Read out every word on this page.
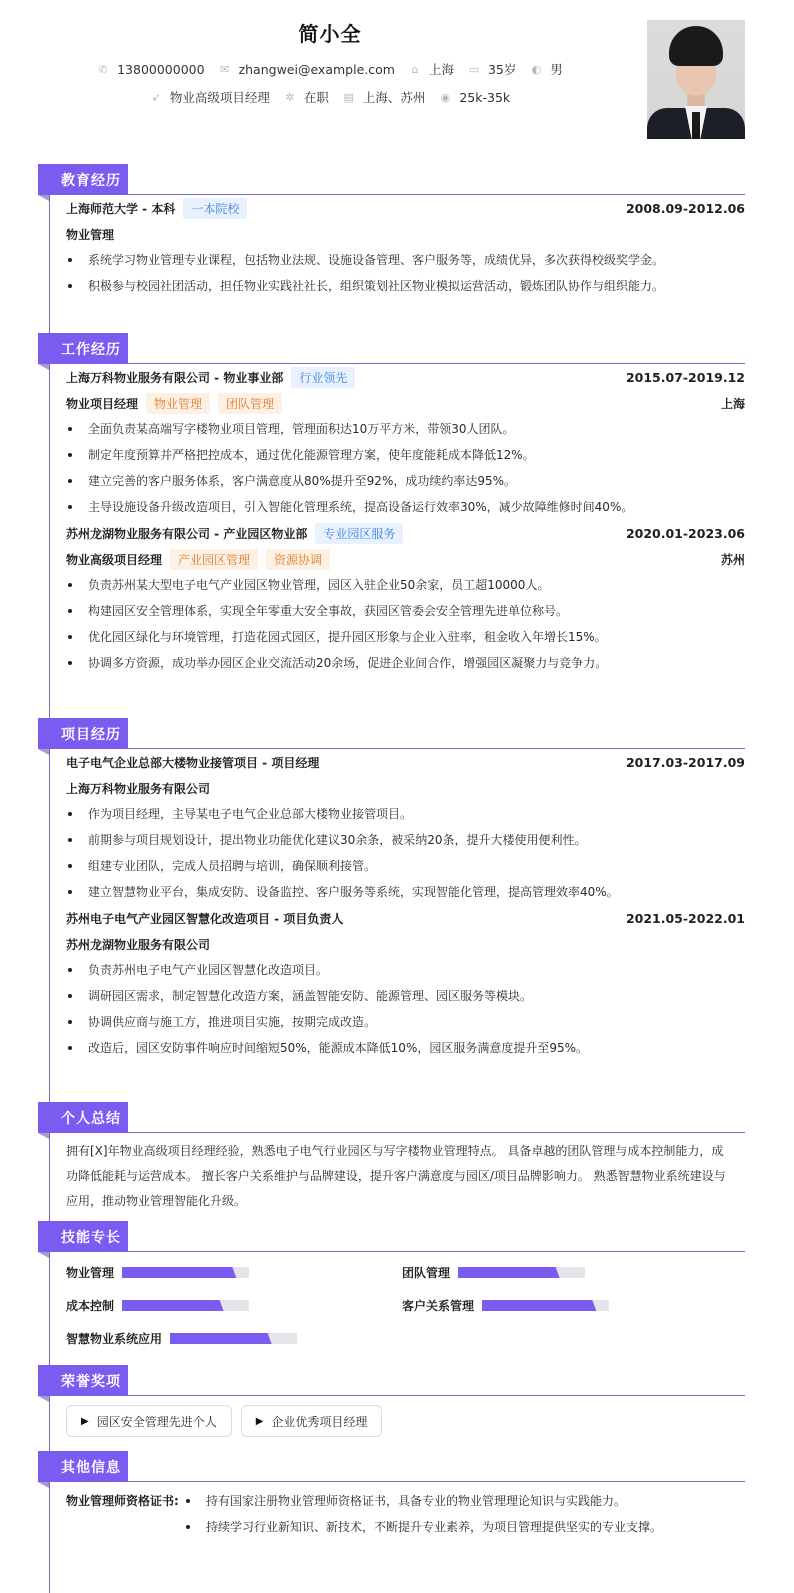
简小全
✆ 13800000000 ✉ zhangwei@example.com ⌂ 上海 ▭ 35岁 ◐ 男
➶ 物业高级项目经理 ✲ 在职 ▤ 上海、苏州 ◉ 25k-35k
教育经历
上海师范大学 - 本科	一本院校	2008.09-2012.06
物业管理
系统学习物业管理专业课程，包括物业法规、设施设备管理、客户服务等，成绩优异，多次获得校级奖学金。
积极参与校园社团活动，担任物业实践社社长，组织策划社区物业模拟运营活动，锻炼团队协作与组织能力。
工作经历
上海万科物业服务有限公司 - 物业事业部	行业领先	2015.07-2019.12
物业项目经理	物业管理	团队管理	上海
全面负责某高端写字楼物业项目管理，管理面积达10万平方米，带领30人团队。
制定年度预算并严格把控成本，通过优化能源管理方案，使年度能耗成本降低12%。
建立完善的客户服务体系，客户满意度从80%提升至92%，成功续约率达95%。
主导设施设备升级改造项目，引入智能化管理系统，提高设备运行效率30%，减少故障维修时间40%。
苏州龙湖物业服务有限公司 - 产业园区物业部	专业园区服务	2020.01-2023.06
物业高级项目经理	产业园区管理	资源协调	苏州
负责苏州某大型电子电气产业园区物业管理，园区入驻企业50余家，员工超10000人。
构建园区安全管理体系，实现全年零重大安全事故，获园区管委会安全管理先进单位称号。
优化园区绿化与环境管理，打造花园式园区，提升园区形象与企业入驻率，租金收入年增长15%。
协调多方资源，成功举办园区企业交流活动20余场，促进企业间合作，增强园区凝聚力与竞争力。
项目经历
电子电气企业总部大楼物业接管项目 - 项目经理	2017.03-2017.09
上海万科物业服务有限公司
作为项目经理，主导某电子电气企业总部大楼物业接管项目。
前期参与项目规划设计，提出物业功能优化建议30余条，被采纳20条，提升大楼使用便利性。
组建专业团队，完成人员招聘与培训，确保顺利接管。
建立智慧物业平台，集成安防、设备监控、客户服务等系统，实现智能化管理，提高管理效率40%。
苏州电子电气产业园区智慧化改造项目 - 项目负责人	2021.05-2022.01
苏州龙湖物业服务有限公司
负责苏州电子电气产业园区智慧化改造项目。
调研园区需求，制定智慧化改造方案，涵盖智能安防、能源管理、园区服务等模块。
协调供应商与施工方，推进项目实施，按期完成改造。
改造后，园区安防事件响应时间缩短50%，能源成本降低10%，园区服务满意度提升至95%。
个人总结

拥有[X]年物业高级项目经理经验，熟悉电子电气行业园区与写字楼物业管理特点。 具备卓越的团队管理与成本控制能力，成功降低能耗与运营成本。 擅长客户关系维护与品牌建设，提升客户满意度与园区/项目品牌影响力。 熟悉智慧物业系统建设与应用，推动物业管理智能化升级。

技能专长
物业管理	团队管理
成本控制	客户关系管理
智慧物业系统应用
荣誉奖项
▶ 园区安全管理先进个人	▶ 企业优秀项目经理
其他信息
物业管理师资格证书:	持有国家注册物业管理师资格证书，具备专业的物业管理理论知识与实践能力。
持续学习行业新知识、新技术，不断提升专业素养，为项目管理提供坚实的专业支撑。
